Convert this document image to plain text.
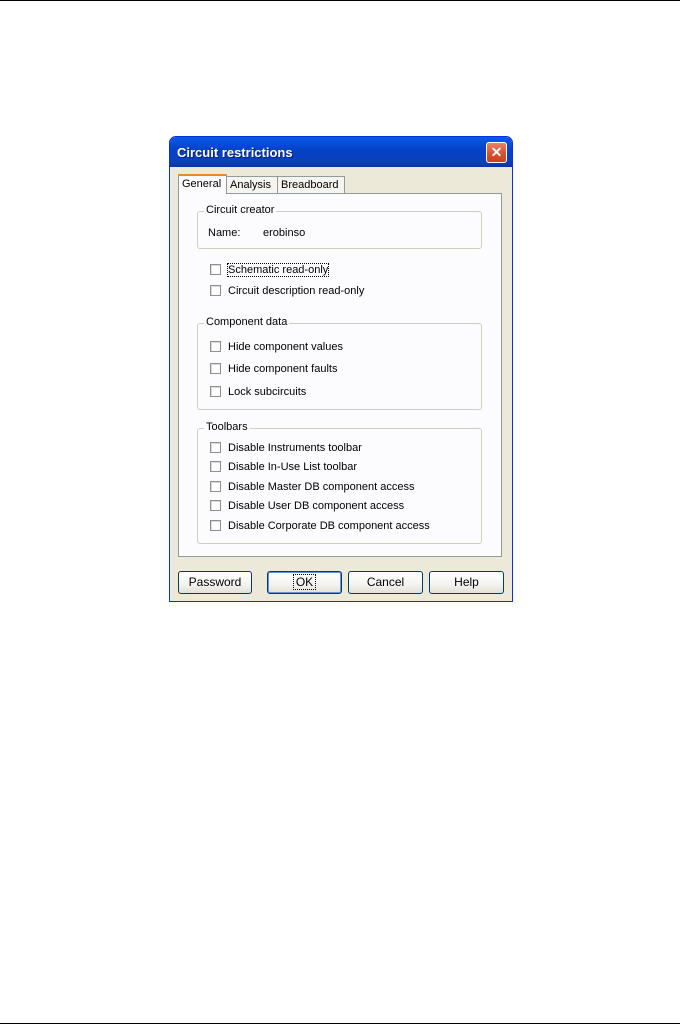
Circuit restrictions	✕
General Analysis Breadboard
Circuit creator
Name: erobinso
Schematic read-only
Circuit description read-only
Component data
Hide component values
Hide component faults
Lock subcircuits
Toolbars
Disable Instruments toolbar
Disable In-Use List toolbar
Disable Master DB component access
Disable User DB component access
Disable Corporate DB component access
Password	OK	Cancel	Help
